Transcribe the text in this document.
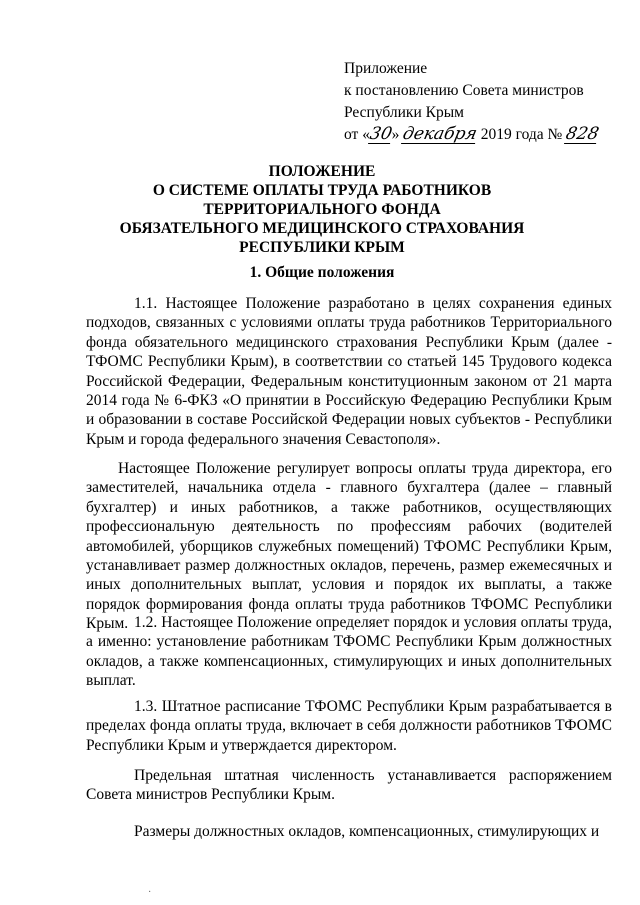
Приложение
к постановлению Совета министров
Республики Крым
от «30» декабря 2019 года № 828
ПОЛОЖЕНИЕ
О СИСТЕМЕ ОПЛАТЫ ТРУДА РАБОТНИКОВ
ТЕРРИТОРИАЛЬНОГО ФОНДА
ОБЯЗАТЕЛЬНОГО МЕДИЦИНСКОГО СТРАХОВАНИЯ
РЕСПУБЛИКИ КРЫМ
1. Общие положения
1.1. Настоящее Положение разработано в целях сохранения единых подходов, связанных с условиями оплаты труда работников Территориального фонда обязательного медицинского страхования Республики Крым (далее - ТФОМС Республики Крым), в соответствии со статьей 145 Трудового кодекса Российской Федерации, Федеральным конституционным законом от 21 марта 2014 года № 6-ФКЗ «О принятии в Российскую Федерацию Республики Крым и образовании в составе Российской Федерации новых субъектов - Республики Крым и города федерального значения Севастополя».
Настоящее Положение регулирует вопросы оплаты труда директора, его заместителей, начальника отдела - главного бухгалтера (далее – главный бухгалтер) и иных работников, а также работников, осуществляющих профессиональную деятельность по профессиям рабочих (водителей автомобилей, уборщиков служебных помещений) ТФОМС Республики Крым, устанавливает размер должностных окладов, перечень, размер ежемесячных и иных дополнительных выплат, условия и порядок их выплаты, а также порядок формирования фонда оплаты труда работников ТФОМС Республики Крым. 1.2. Настоящее Положение определяет порядок и условия оплаты труда, а именно: установление работникам ТФОМС Республики Крым должностных окладов, а также компенсационных, стимулирующих и иных дополнительных выплат.
1.3. Штатное расписание ТФОМС Республики Крым разрабатывается в пределах фонда оплаты труда, включает в себя должности работников ТФОМС Республики Крым и утверждается директором.
Предельная штатная численность устанавливается распоряжением Совета министров Республики Крым.
Размеры должностных окладов, компенсационных, стимулирующих и
·
